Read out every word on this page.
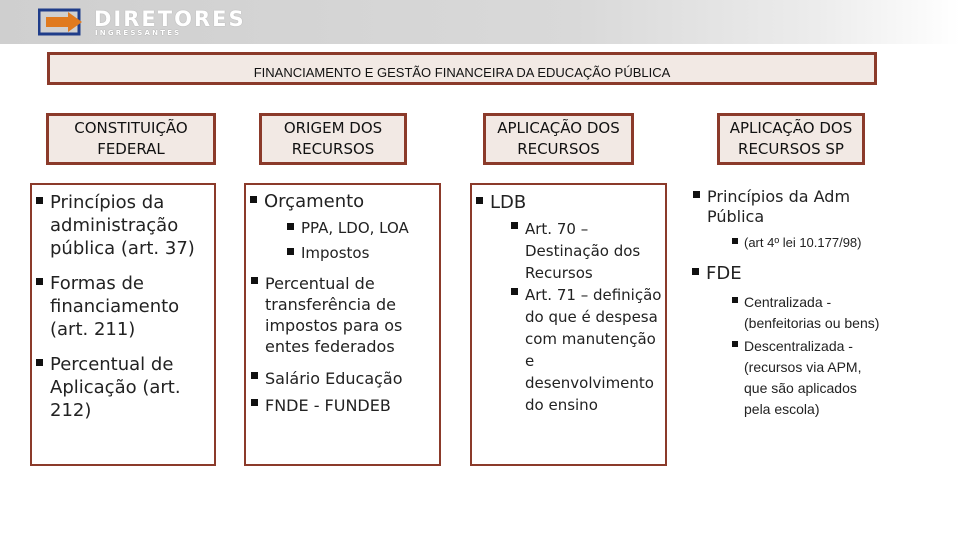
DIRETORES
INGRESSANTES
FINANCIAMENTO E GESTÃO FINANCEIRA DA EDUCAÇÃO PÚBLICA
CONSTITUIÇÃO FEDERAL
Princípios da administração pública (art. 37)
Formas de financiamento (art. 211)
Percentual de Aplicação (art. 212)
ORIGEM DOS RECURSOS
Orçamento
PPA, LDO, LOA
Impostos
Percentual de transferência de impostos para os entes federados
Salário Educação
FNDE - FUNDEB
APLICAÇÃO DOS RECURSOS
LDB
Art. 70 – Destinação dos Recursos
Art. 71 – definição do que é despesa com manutenção e desenvolvimento do ensino
APLICAÇÃO DOS RECURSOS SP
Princípios da Adm Pública
(art 4º lei 10.177/98)
FDE
Centralizada - (benfeitorias ou bens)
Descentralizada - (recursos via APM, que são aplicados pela escola)
